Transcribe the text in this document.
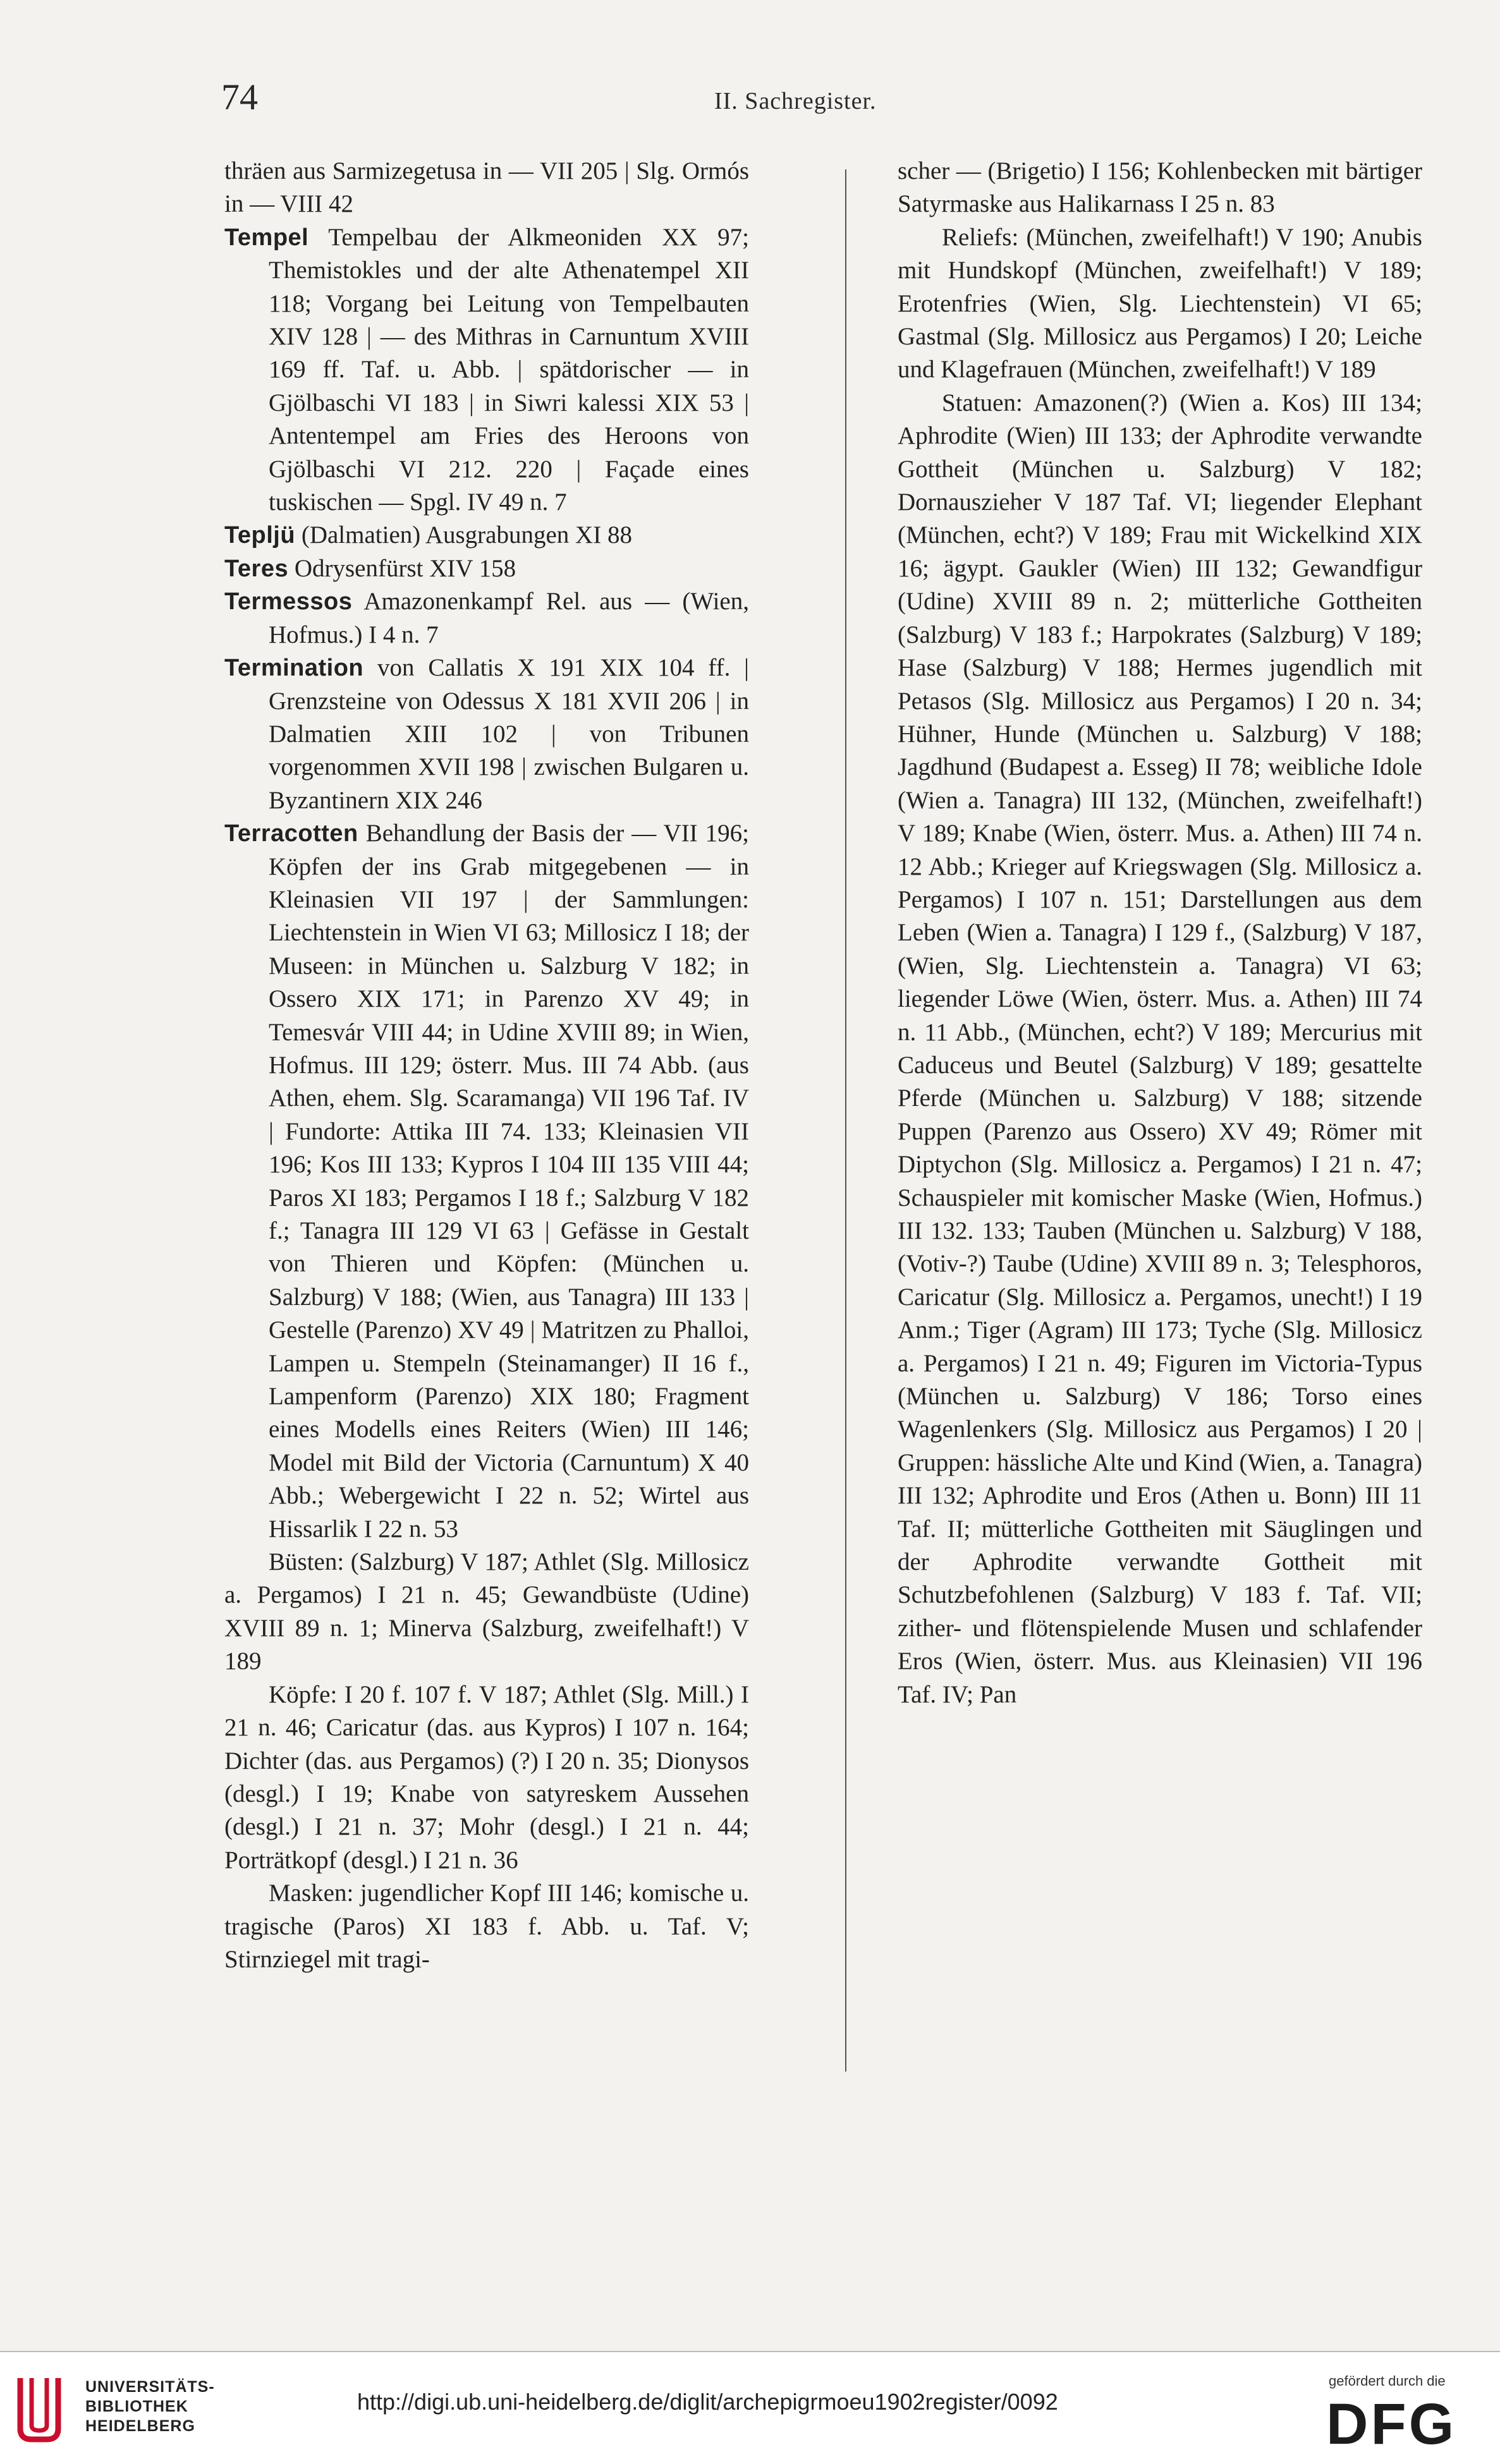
74	II. Sachregister.
thräen aus Sarmizegetusa in — VII 205 | Slg. Ormós in — VIII 42
Tempel Tempelbau der Alkmeoniden XX 97; Themistokles und der alte Athenatempel XII 118; Vorgang bei Leitung von Tempelbauten XIV 128 | — des Mithras in Carnuntum XVIII 169 ff. Taf. u. Abb. | spätdorischer — in Gjölbaschi VI 183 | in Siwri kalessi XIX 53 | Antentempel am Fries des Heroons von Gjölbaschi VI 212. 220 | Façade eines tuskischen — Spgl. IV 49 n. 7
Tepljü (Dalmatien) Ausgrabungen XI 88
Teres Odrysenfürst XIV 158
Termessos Amazonenkampf Rel. aus — (Wien, Hofmus.) I 4 n. 7
Termination von Callatis X 191 XIX 104 ff. | Grenzsteine von Odessus X 181 XVII 206 | in Dalmatien XIII 102 | von Tribunen vorgenommen XVII 198 | zwischen Bulgaren u. Byzantinern XIX 246
Terracotten Behandlung der Basis der — VII 196; Köpfen der ins Grab mitgegebenen — in Kleinasien VII 197 | der Sammlungen: Liechtenstein in Wien VI 63; Millosicz I 18; der Museen: in München u. Salzburg V 182; in Ossero XIX 171; in Parenzo XV 49; in Temesvár VIII 44; in Udine XVIII 89; in Wien, Hofmus. III 129; österr. Mus. III 74 Abb. (aus Athen, ehem. Slg. Scaramanga) VII 196 Taf. IV | Fundorte: Attika III 74. 133; Kleinasien VII 196; Kos III 133; Kypros I 104 III 135 VIII 44; Paros XI 183; Pergamos I 18 f.; Salzburg V 182 f.; Tanagra III 129 VI 63 | Gefässe in Gestalt von Thieren und Köpfen: (München u. Salzburg) V 188; (Wien, aus Tanagra) III 133 | Gestelle (Parenzo) XV 49 | Matritzen zu Phalloi, Lampen u. Stempeln (Steinamanger) II 16 f., Lampenform (Parenzo) XIX 180; Fragment eines Modells eines Reiters (Wien) III 146; Model mit Bild der Victoria (Carnuntum) X 40 Abb.; Webergewicht I 22 n. 52; Wirtel aus Hissarlik I 22 n. 53
Büsten: (Salzburg) V 187; Athlet (Slg. Millosicz a. Pergamos) I 21 n. 45; Gewandbüste (Udine) XVIII 89 n. 1; Minerva (Salzburg, zweifelhaft!) V 189
Köpfe: I 20 f. 107 f. V 187; Athlet (Slg. Mill.) I 21 n. 46; Caricatur (das. aus Kypros) I 107 n. 164; Dichter (das. aus Pergamos) (?) I 20 n. 35; Dionysos (desgl.) I 19; Knabe von satyreskem Aussehen (desgl.) I 21 n. 37; Mohr (desgl.) I 21 n. 44; Porträtkopf (desgl.) I 21 n. 36
Masken: jugendlicher Kopf III 146; komische u. tragische (Paros) XI 183 f. Abb. u. Taf. V; Stirnziegel mit tragi-
scher — (Brigetio) I 156; Kohlenbecken mit bärtiger Satyrmaske aus Halikarnass I 25 n. 83
Reliefs: (München, zweifelhaft!) V 190; Anubis mit Hundskopf (München, zweifelhaft!) V 189; Erotenfries (Wien, Slg. Liechtenstein) VI 65; Gastmal (Slg. Millosicz aus Pergamos) I 20; Leiche und Klagefrauen (München, zweifelhaft!) V 189
Statuen: Amazonen(?) (Wien a. Kos) III 134; Aphrodite (Wien) III 133; der Aphrodite verwandte Gottheit (München u. Salzburg) V 182; Dornauszieher V 187 Taf. VI; liegender Elephant (München, echt?) V 189; Frau mit Wickelkind XIX 16; ägypt. Gaukler (Wien) III 132; Gewandfigur (Udine) XVIII 89 n. 2; mütterliche Gottheiten (Salzburg) V 183 f.; Harpokrates (Salzburg) V 189; Hase (Salzburg) V 188; Hermes jugendlich mit Petasos (Slg. Millosicz aus Pergamos) I 20 n. 34; Hühner, Hunde (München u. Salzburg) V 188; Jagdhund (Budapest a. Esseg) II 78; weibliche Idole (Wien a. Tanagra) III 132, (München, zweifelhaft!) V 189; Knabe (Wien, österr. Mus. a. Athen) III 74 n. 12 Abb.; Krieger auf Kriegswagen (Slg. Millosicz a. Pergamos) I 107 n. 151; Darstellungen aus dem Leben (Wien a. Tanagra) I 129 f., (Salzburg) V 187, (Wien, Slg. Liechtenstein a. Tanagra) VI 63; liegender Löwe (Wien, österr. Mus. a. Athen) III 74 n. 11 Abb., (München, echt?) V 189; Mercurius mit Caduceus und Beutel (Salzburg) V 189; gesattelte Pferde (München u. Salzburg) V 188; sitzende Puppen (Parenzo aus Ossero) XV 49; Römer mit Diptychon (Slg. Millosicz a. Pergamos) I 21 n. 47; Schauspieler mit komischer Maske (Wien, Hofmus.) III 132. 133; Tauben (München u. Salzburg) V 188, (Votiv-?) Taube (Udine) XVIII 89 n. 3; Telesphoros, Caricatur (Slg. Millosicz a. Pergamos, unecht!) I 19 Anm.; Tiger (Agram) III 173; Tyche (Slg. Millosicz a. Pergamos) I 21 n. 49; Figuren im Victoria-Typus (München u. Salzburg) V 186; Torso eines Wagenlenkers (Slg. Millosicz aus Pergamos) I 20 | Gruppen: hässliche Alte und Kind (Wien, a. Tanagra) III 132; Aphrodite und Eros (Athen u. Bonn) III 11 Taf. II; mütterliche Gottheiten mit Säuglingen und der Aphrodite verwandte Gottheit mit Schutzbefohlenen (Salzburg) V 183 f. Taf. VII; zither- und flötenspielende Musen und schlafender Eros (Wien, österr. Mus. aus Kleinasien) VII 196 Taf. IV; Pan
UNIVERSITÄTS-
BIBLIOTHEK
HEIDELBERG
http://digi.ub.uni-heidelberg.de/diglit/archepigrmoeu1902register/0092
gefördert durch die
DFG
